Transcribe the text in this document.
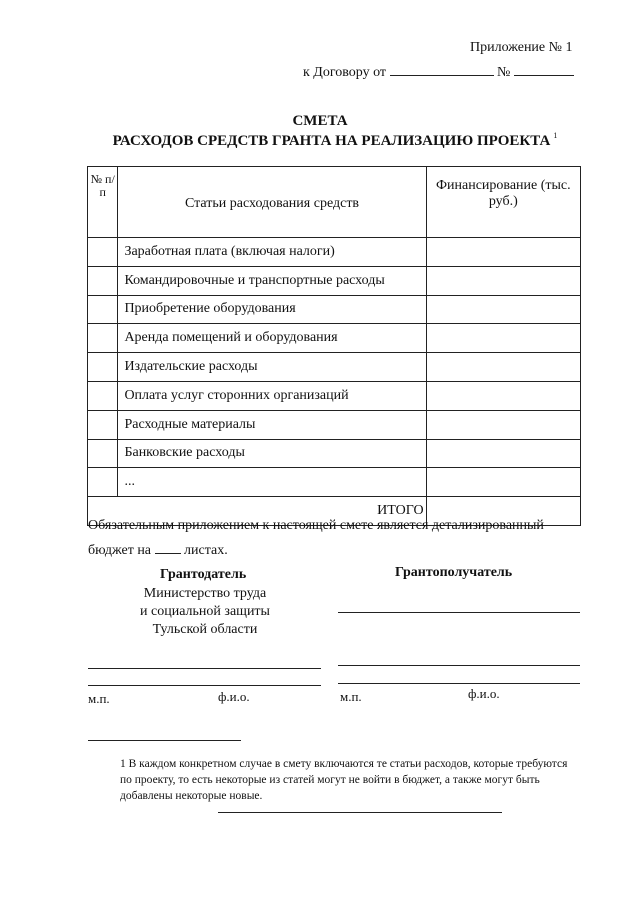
Приложение № 1
к Договору от	№
СМЕТА
РАСХОДОВ СРЕДСТВ ГРАНТА НА РЕАЛИЗАЦИЮ ПРОЕКТА $^1$
№ п/п	Статьи расходования средств	Финансирование (тыс. руб.)
	Заработная плата (включая налоги)	
	Командировочные и транспортные расходы	
	Приобретение оборудования	
	Аренда помещений и оборудования	
	Издательские расходы	
	Оплата услуг сторонних организаций	
	Расходные материалы	
	Банковские расходы	
	...	
ИТОГО		
Обязательным приложением к настоящей смете является детализированный бюджет на листах.
Грантодатель
Министерство труда
и социальной защиты
Тульской области
Грантополучатель
м.п.	ф.и.о.	м.п.	ф.и.о.
1 В каждом конкретном случае в смету включаются те статьи расходов, которые требуются по проекту, то есть некоторые из статей могут не войти в бюджет, а также могут быть добавлены некоторые новые.
